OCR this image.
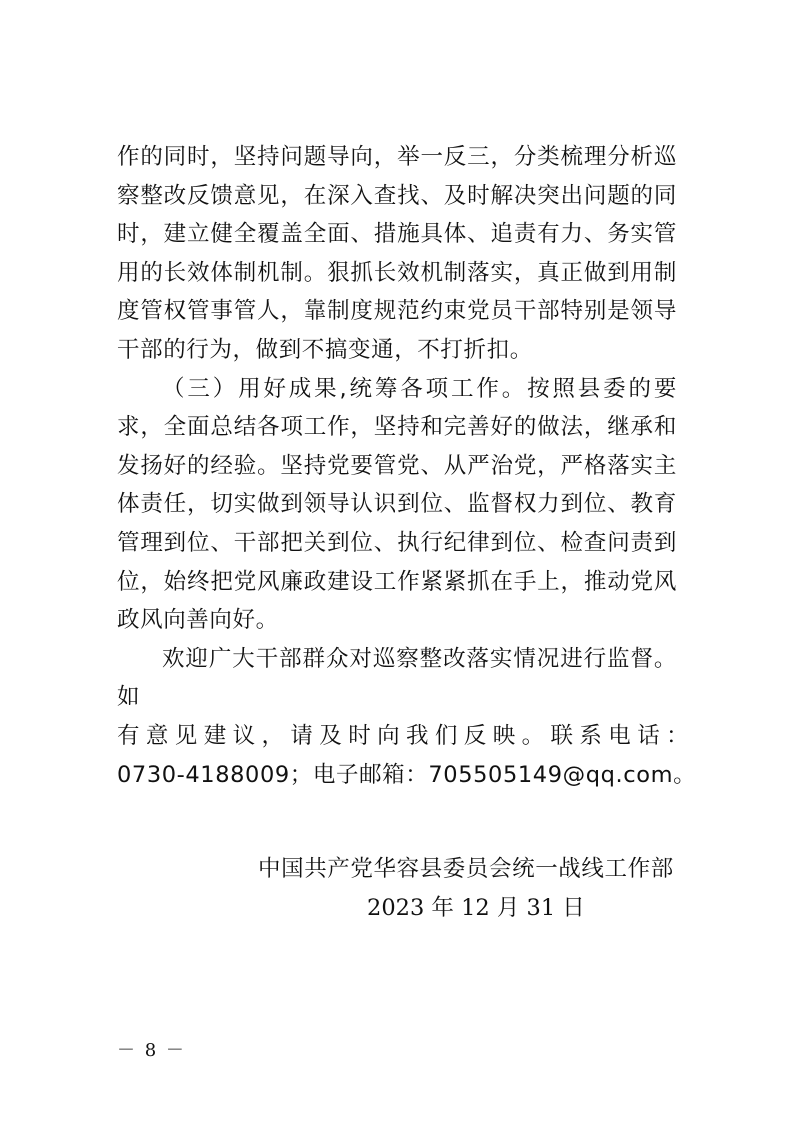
作的同时，坚持问题导向，举一反三，分类梳理分析巡察整改反馈意见，在深入查找、及时解决突出问题的同时，建立健全覆盖全面、措施具体、追责有力、务实管用的长效体制机制。狠抓长效机制落实，真正做到用制度管权管事管人，靠制度规范约束党员干部特别是领导干部的行为，做到不搞变通，不打折扣。

（三）用好成果,统筹各项工作。按照县委的要求，全面总结各项工作，坚持和完善好的做法，继承和发扬好的经验。坚持党要管党、从严治党，严格落实主体责任，切实做到领导认识到位、监督权力到位、教育管理到位、干部把关到位、执行纪律到位、检查问责到位，始终把党风廉政建设工作紧紧抓在手上，推动党风政风向善向好。

欢迎广大干部群众对巡察整改落实情况进行监督。如
有意见建议，请及时向我们反映。联系电话：
0730-4188009；电子邮箱：705505149@qq.com。

中国共产党华容县委员会统一战线工作部
2023 年 12 月 31 日
－ 8 －
